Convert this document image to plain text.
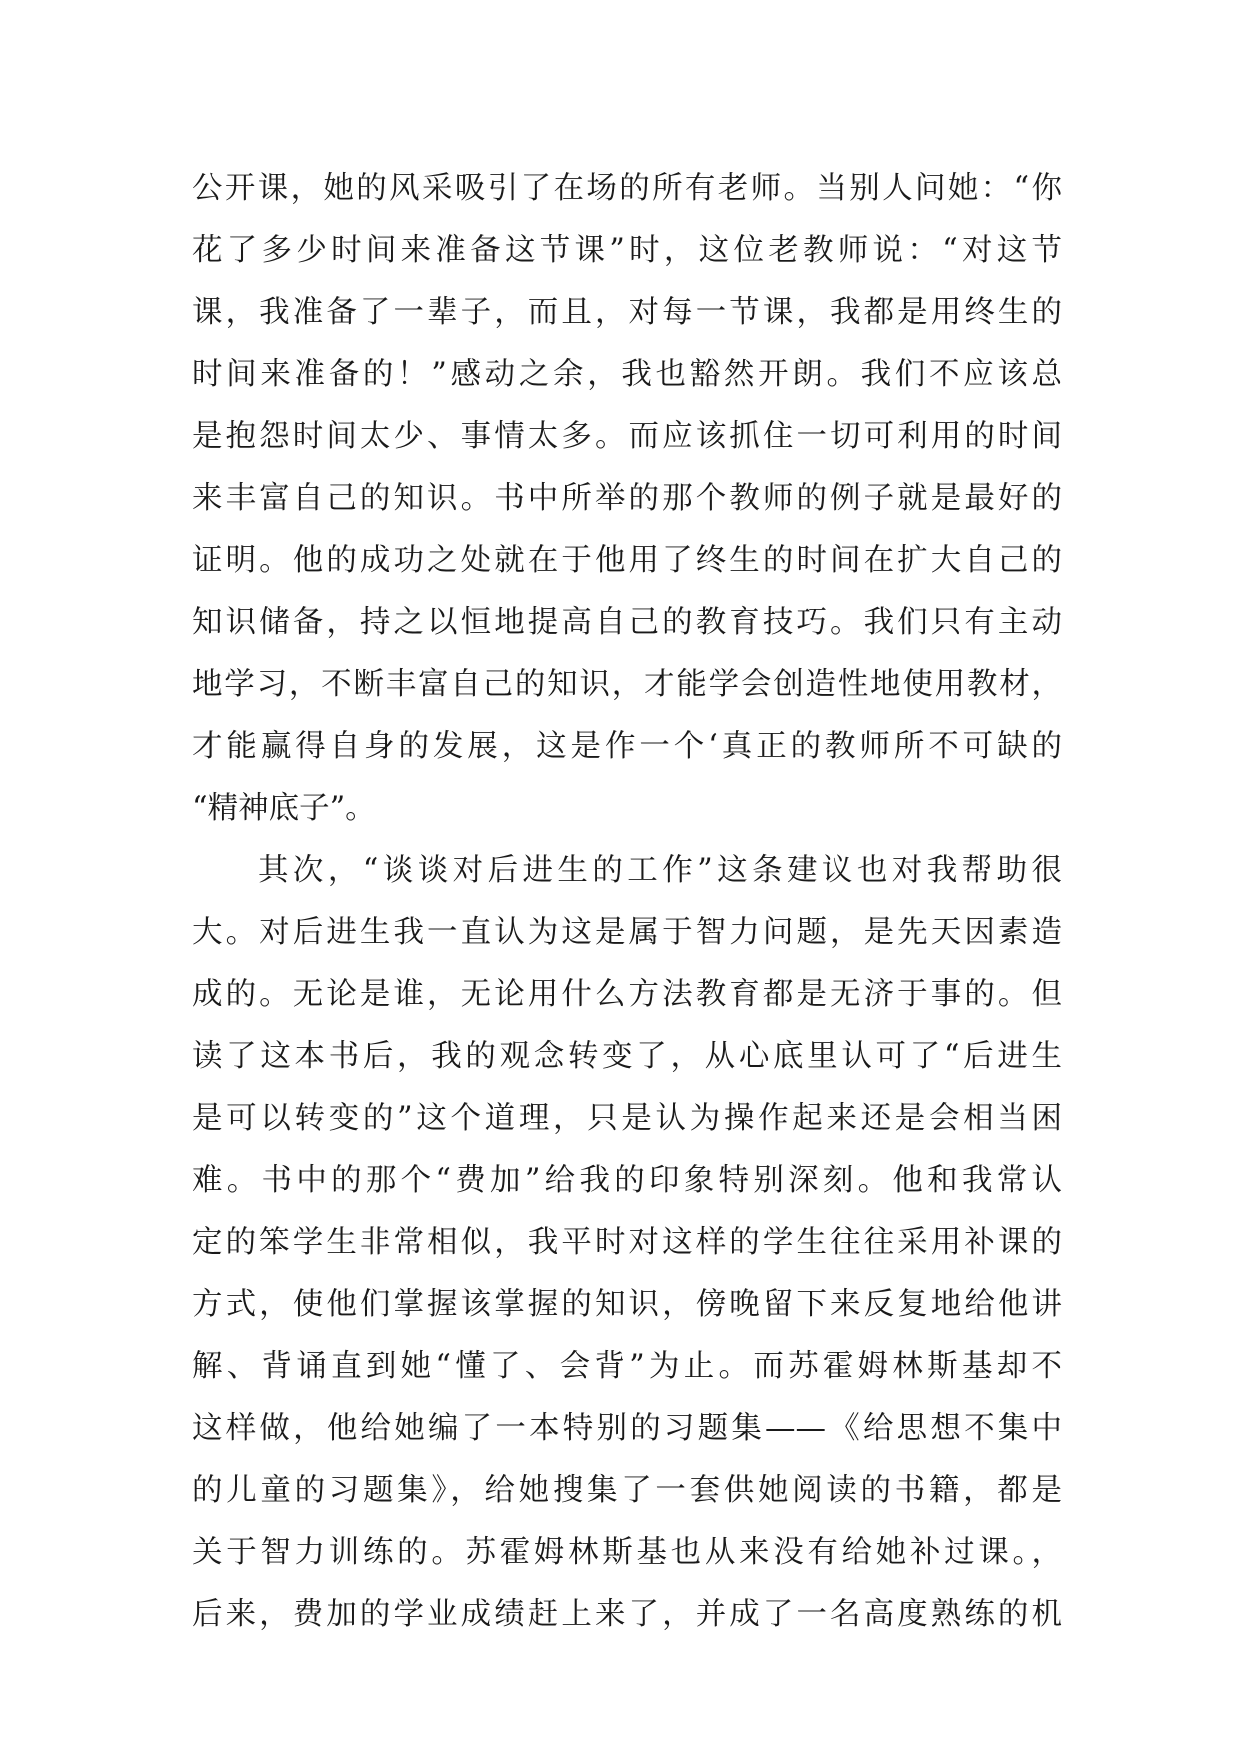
公开课，她的风采吸引了在场的所有老师。当别人问她：“你
花了多少时间来准备这节课”时，这位老教师说：“对这节
课，我准备了一辈子，而且，对每一节课，我都是用终生的
时间来准备的！”感动之余，我也豁然开朗。我们不应该总
是抱怨时间太少、事情太多。而应该抓住一切可利用的时间
来丰富自己的知识。书中所举的那个教师的例子就是最好的
证明。他的成功之处就在于他用了终生的时间在扩大自己的
知识储备，持之以恒地提高自己的教育技巧。我们只有主动
地学习，不断丰富自己的知识，才能学会创造性地使用教材，
才能赢得自身的发展，这是作一个‘真正的教师所不可缺的
“精神底子”。
其次，“谈谈对后进生的工作”这条建议也对我帮助很
大。对后进生我一直认为这是属于智力问题，是先天因素造
成的。无论是谁，无论用什么方法教育都是无济于事的。但
读了这本书后，我的观念转变了，从心底里认可了“后进生
是可以转变的”这个道理，只是认为操作起来还是会相当困
难。书中的那个“费加”给我的印象特别深刻。他和我常认
定的笨学生非常相似，我平时对这样的学生往往采用补课的
方式，使他们掌握该掌握的知识，傍晚留下来反复地给他讲
解、背诵直到她“懂了、会背”为止。而苏霍姆林斯基却不
这样做，他给她编了一本特别的习题集——《给思想不集中
的儿童的习题集》，给她搜集了一套供她阅读的书籍，都是
关于智力训练的。苏霍姆林斯基也从来没有给她补过课。，
后来，费加的学业成绩赶上来了，并成了一名高度熟练的机
